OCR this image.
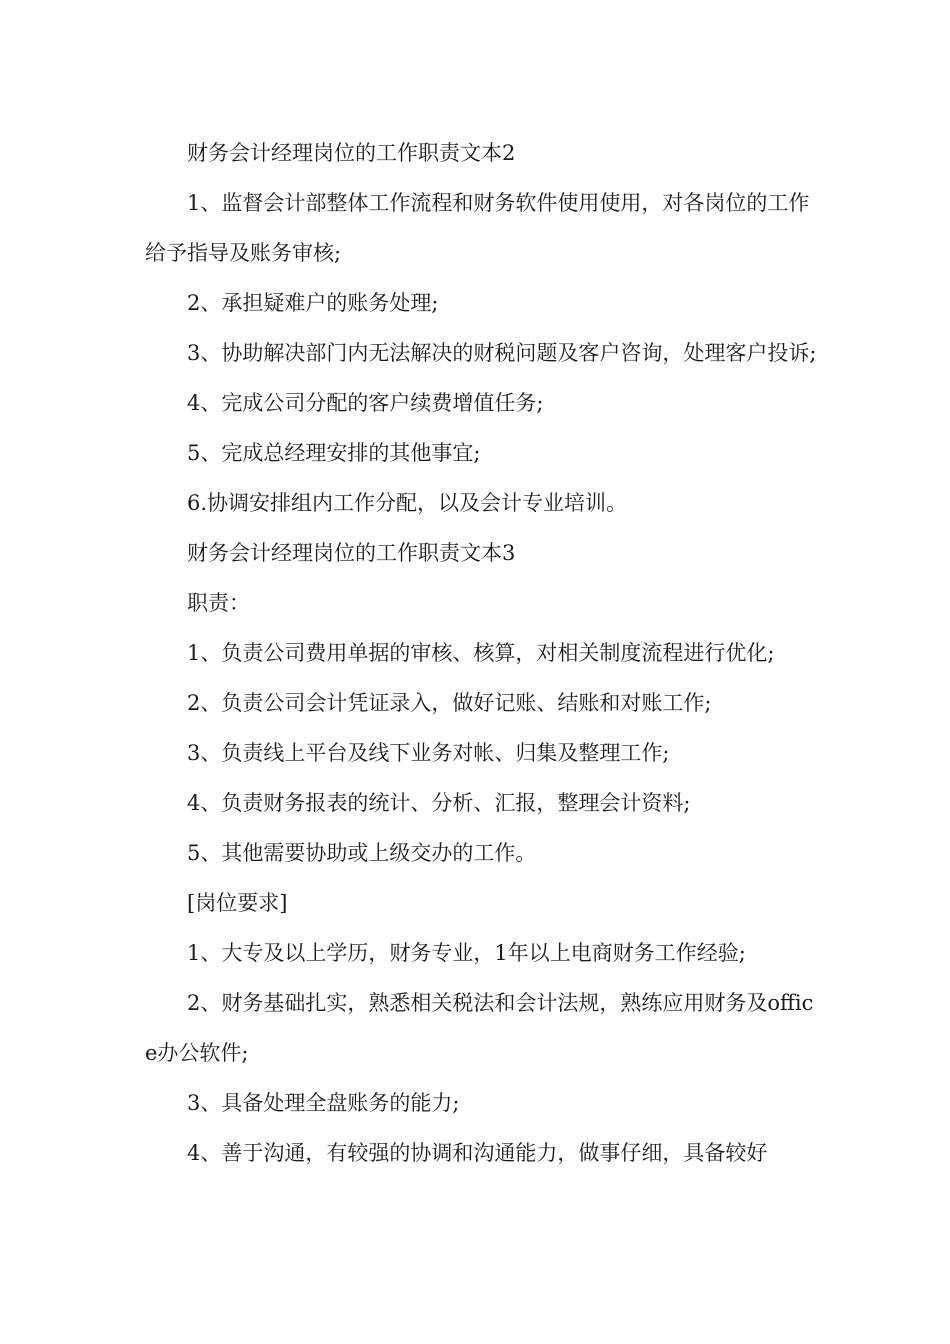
财务会计经理岗位的工作职责文本2

1、监督会计部整体工作流程和财务软件使用使用，对各岗位的工作给予指导及账务审核;

2、承担疑难户的账务处理;

3、协助解决部门内无法解决的财税问题及客户咨询，处理客户投诉;

4、完成公司分配的客户续费增值任务;

5、完成总经理安排的其他事宜;

6.协调安排组内工作分配，以及会计专业培训。

财务会计经理岗位的工作职责文本3

职责：

1、负责公司费用单据的审核、核算，对相关制度流程进行优化;

2、负责公司会计凭证录入，做好记账、结账和对账工作;

3、负责线上平台及线下业务对帐、归集及整理工作;

4、负责财务报表的统计、分析、汇报，整理会计资料;

5、其他需要协助或上级交办的工作。

[岗位要求]

1、大专及以上学历，财务专业，1年以上电商财务工作经验;

2、财务基础扎实，熟悉相关税法和会计法规，熟练应用财务及office办公软件;

3、具备处理全盘账务的能力;

4、善于沟通，有较强的协调和沟通能力，做事仔细，具备较好
